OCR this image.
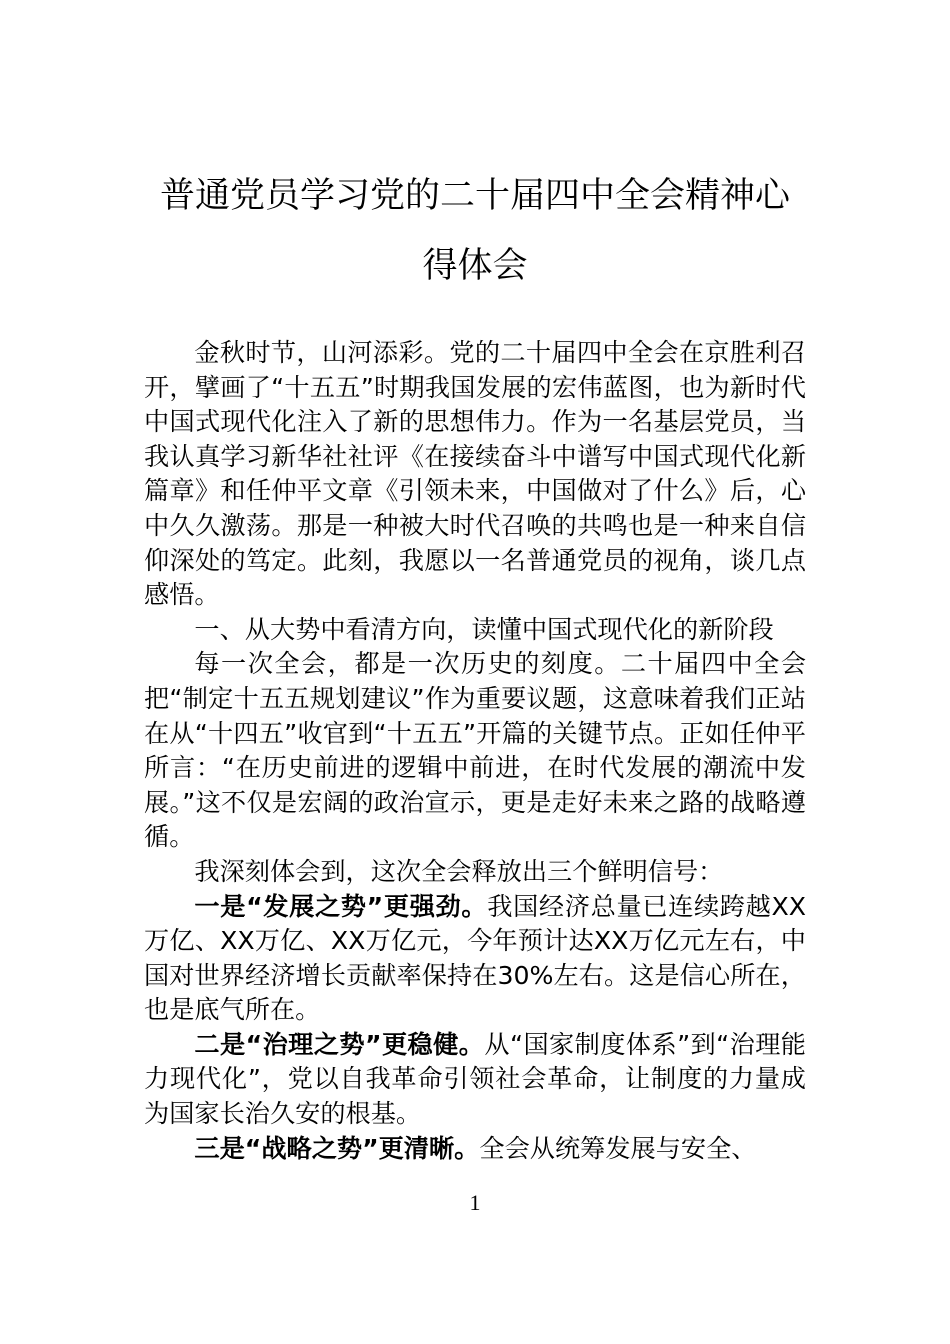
普通党员学习党的二十届四中全会精神心
得体会

金秋时节，山河添彩。党的二十届四中全会在京胜利召开，擘画了“十五五”时期我国发展的宏伟蓝图，也为新时代中国式现代化注入了新的思想伟力。作为一名基层党员，当我认真学习新华社社评《在接续奋斗中谱写中国式现代化新篇章》和任仲平文章《引领未来，中国做对了什么》后，心中久久激荡。那是一种被大时代召唤的共鸣也是一种来自信仰深处的笃定。此刻，我愿以一名普通党员的视角，谈几点感悟。

一、从大势中看清方向，读懂中国式现代化的新阶段

每一次全会，都是一次历史的刻度。二十届四中全会把“制定十五五规划建议”作为重要议题，这意味着我们正站在从“十四五”收官到“十五五”开篇的关键节点。正如任仲平所言：“在历史前进的逻辑中前进，在时代发展的潮流中发展。”这不仅是宏阔的政治宣示，更是走好未来之路的战略遵循。

我深刻体会到，这次全会释放出三个鲜明信号：

一是“发展之势”更强劲。我国经济总量已连续跨越XX万亿、XX万亿、XX万亿元，今年预计达XX万亿元左右，中国对世界经济增长贡献率保持在30%左右。这是信心所在，也是底气所在。

二是“治理之势”更稳健。从“国家制度体系”到“治理能力现代化”，党以自我革命引领社会革命，让制度的力量成为国家长治久安的根基。

三是“战略之势”更清晰。全会从统筹发展与安全、

1
